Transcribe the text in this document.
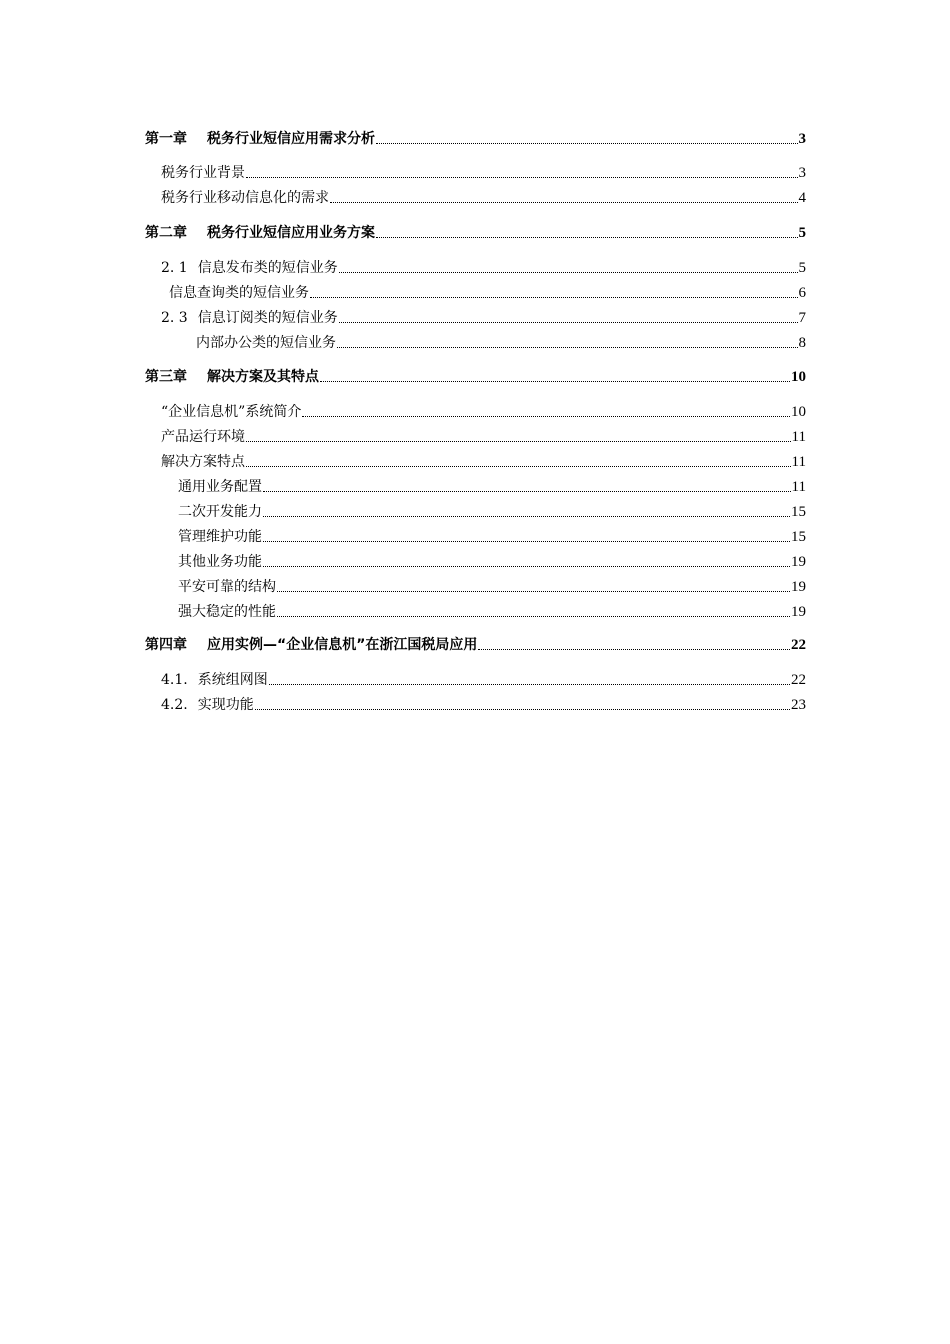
第一章 税务行业短信应用需求分析	3
税务行业背景	3
税务行业移动信息化的需求	4
第二章 税务行业短信应用业务方案	5
2. 1 信息发布类的短信业务	5
信息查询类的短信业务	6
2. 3 信息订阅类的短信业务	7
内部办公类的短信业务	8
第三章 解决方案及其特点	10
“企业信息机”系统简介	10
产品运行环境	11
解决方案特点	11
通用业务配置	11
二次开发能力	15
管理维护功能	15
其他业务功能	19
平安可靠的结构	19
强大稳定的性能	19
第四章 应用实例—“企业信息机”在浙江国税局应用	22
4.1. 系统组网图	22
4.2. 实现功能	23
